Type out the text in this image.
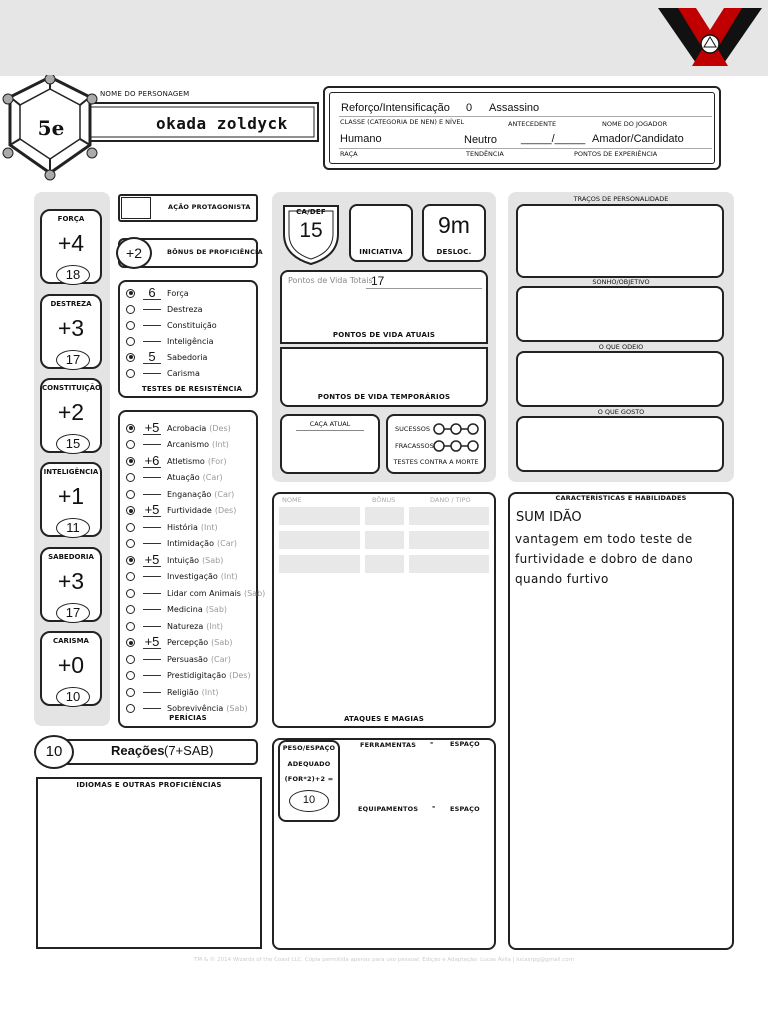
5e
NOME DO PERSONAGEM
okada zoldyck
Reforço/Intensificação 0 Assassino
CLASSE (CATEGORIA DE NEN) E NÍVEL	ANTECEDENTE	NOME DO JOGADOR
Humano	Neutro _____/_____ Amador/Candidato
RAÇA	TENDÊNCIA	PONTOS DE EXPERIÊNCIA
FORÇA
+4
18
DESTREZA
+3
17
CONSTITUIÇÃO
+2
15
INTELIGÊNCIA
+1
11
SABEDORIA
+3
17
CARISMA
+0
10
AÇÃO PROTAGONISTA
+2	BÔNUS DE PROFICIÊNCIA
6	Força
Destreza
Constituição
Inteligência
5	Sabedoria
Carisma
TESTES DE RESISTÊNCIA
+5 Acrobacia (Des)
Arcanismo (Int)
+6 Atletismo (For)
Atuação (Car)
Enganação (Car)
+5 Furtividade (Des)
História (Int)
Intimidação (Car)
+5 Intuição (Sab)
Investigação (Int)
Lidar com Animais (Sab)
Medicina (Sab)
Natureza (Int)
+5 Percepção (Sab)
Persuasão (Car)
Prestidigitação (Des)
Religião (Int)
Sobrevivência (Sab)
PERÍCIAS
10	Reações (7+SAB)
IDIOMAS E OUTRAS PROFICIÊNCIAS
CA/DEF
15
INICIATIVA
9m
DESLOC.
Pontos de Vida Totais
17
PONTOS DE VIDA ATUAIS
PONTOS DE VIDA TEMPORÁRIOS
CAÇA ATUAL
SUCESSOS
FRACASSOS
TESTES CONTRA A MORTE
TRAÇOS DE PERSONALIDADE
SONHO/OBJETIVO
O QUE ODEIO
O QUE GOSTO
NOME	BÔNUS	DANO / TIPO
ATAQUES E MAGIAS
PESO/ESPAÇO
ADEQUADO
(FOR*2)+2 =
10
FERRAMENTAS -	ESPAÇO
EQUIPAMENTOS - ESPAÇO
CARACTERÍSTICAS E HABILIDADES
SUM IDÃO
vantagem em todo teste de
furtividade e dobro de dano
quando furtivo
TM & © 2014 Wizards of the Coast LLC. Cópia permitida apenas para uso pessoal. Edição e Adaptação: Lucas Ávila | lucasrpg@gmail.com
